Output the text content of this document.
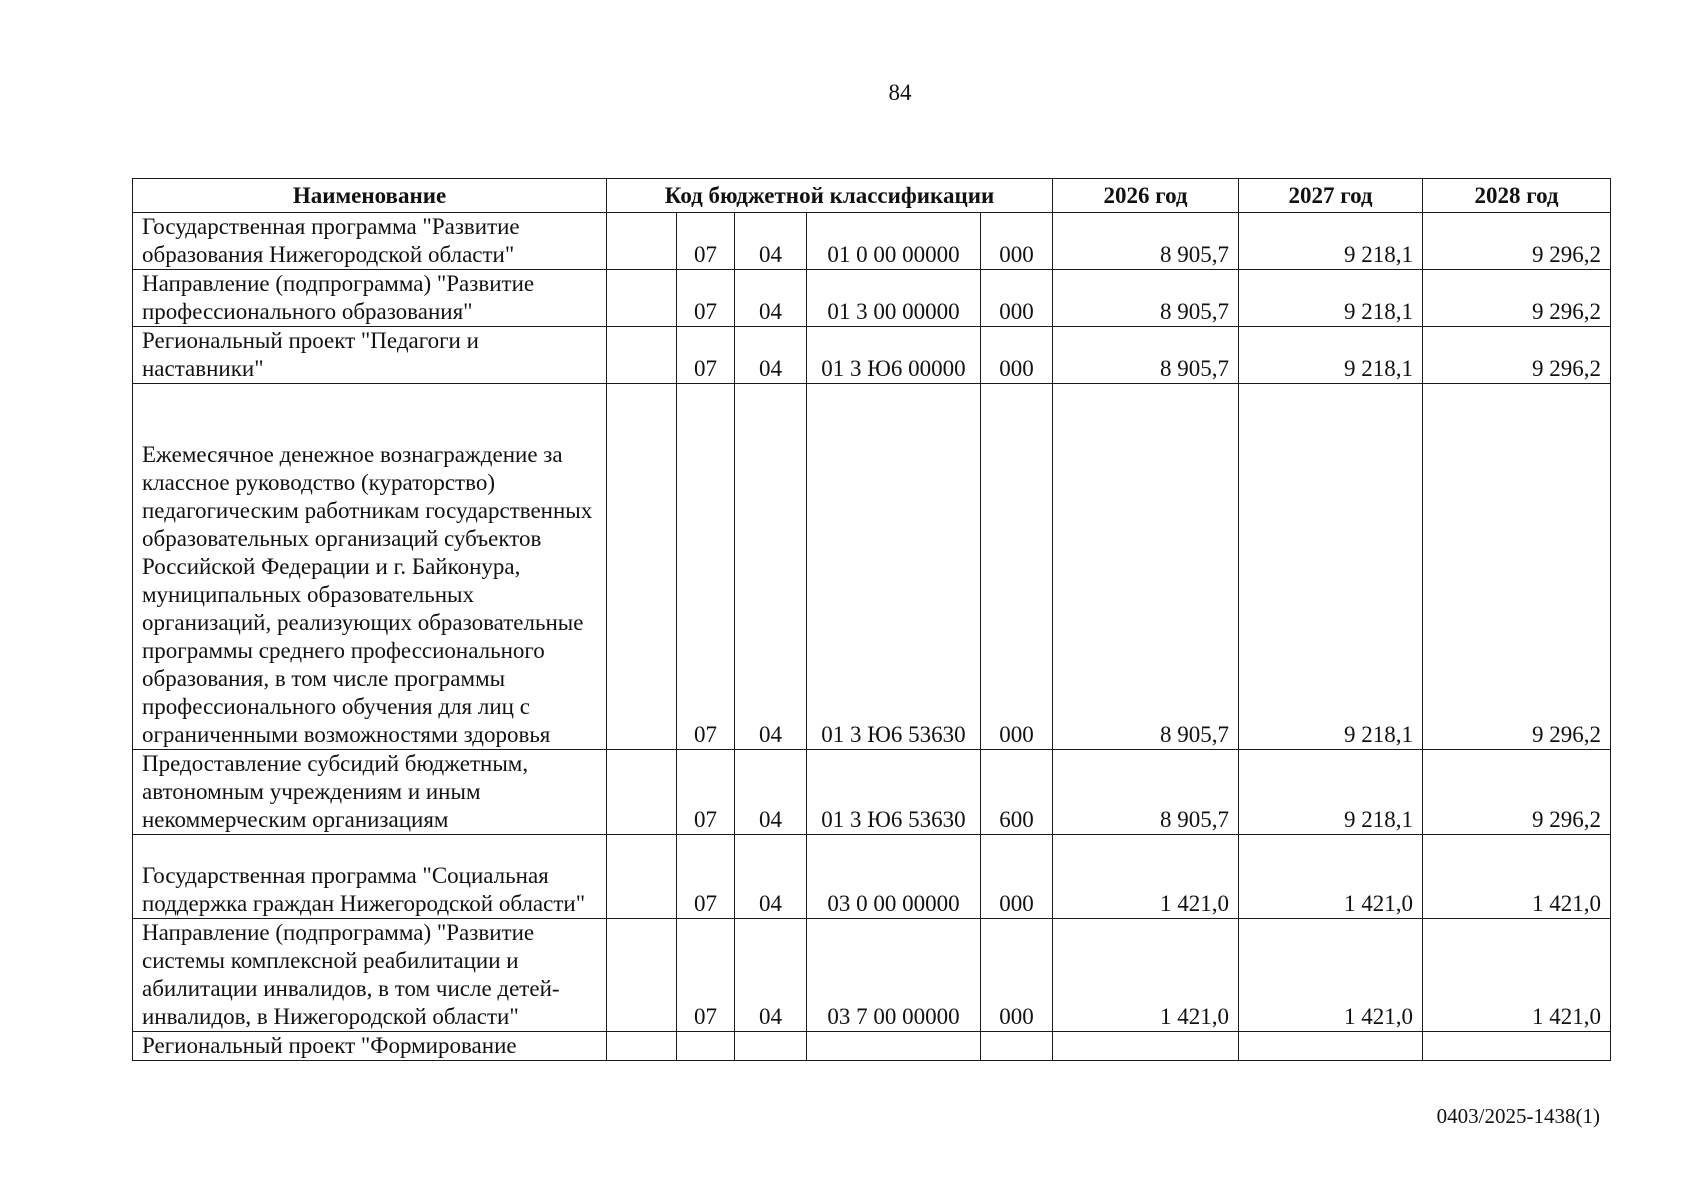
84
Наименование	Код бюджетной классификации					2026 год	2027 год	2028 год
Государственная программа "Развитие образования Нижегородской области"		07	04	01 0 00 00000	000	8 905,7	9 218,1	9 296,2
Направление (подпрограмма) "Развитие профессионального образования"		07	04	01 3 00 00000	000	8 905,7	9 218,1	9 296,2
Региональный проект "Педагоги и наставники"		07	04	01 3 Ю6 00000	000	8 905,7	9 218,1	9 296,2
Ежемесячное денежное вознаграждение за классное руководство (кураторство) педагогическим работникам государственных образовательных организаций субъектов Российской Федерации и г. Байконура, муниципальных образовательных организаций, реализующих образовательные программы среднего профессионального образования, в том числе программы профессионального обучения для лиц с ограниченными возможностями здоровья		07	04	01 3 Ю6 53630	000	8 905,7	9 218,1	9 296,2
Предоставление субсидий бюджетным, автономным учреждениям и иным некоммерческим организациям		07	04	01 3 Ю6 53630	600	8 905,7	9 218,1	9 296,2
Государственная программа "Социальная поддержка граждан Нижегородской области"		07	04	03 0 00 00000	000	1 421,0	1 421,0	1 421,0
Направление (подпрограмма) "Развитие системы комплексной реабилитации и абилитации инвалидов, в том числе детей-инвалидов, в Нижегородской области"		07	04	03 7 00 00000	000	1 421,0	1 421,0	1 421,0
Региональный проект "Формирование								
0403/2025-1438(1)
